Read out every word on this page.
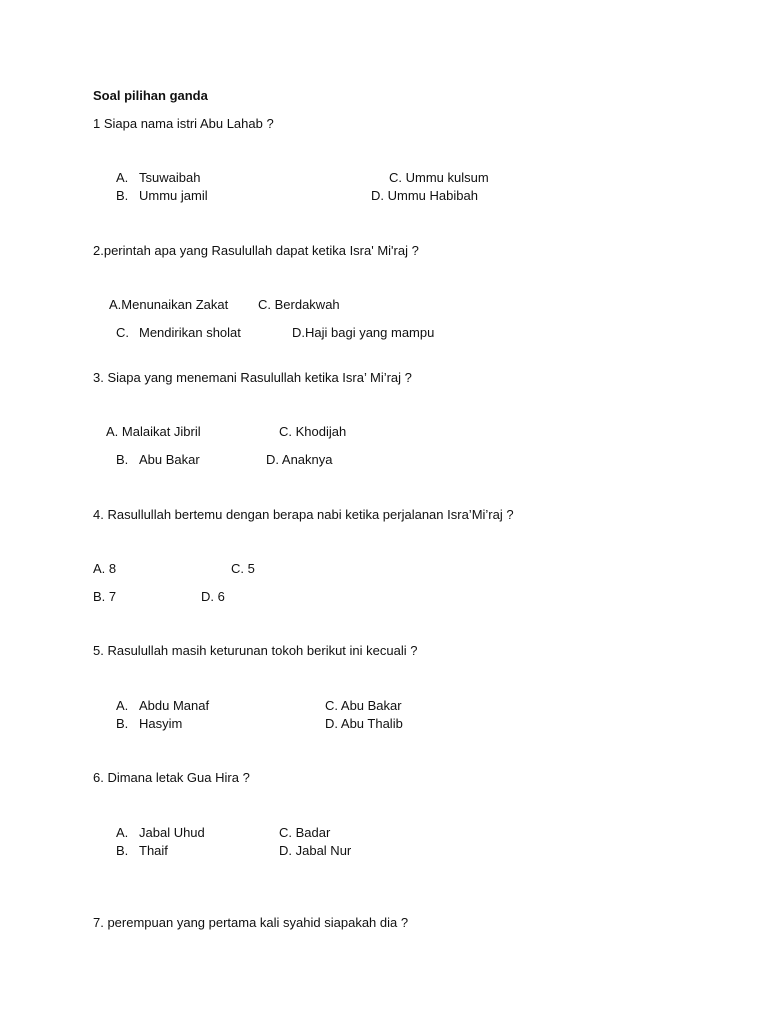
Soal pilihan ganda
1 Siapa nama istri Abu Lahab ?
A. Tsuwaibah	C. Ummu kulsum
B. Ummu jamil	D. Ummu Habibah
2.perintah apa yang Rasulullah dapat ketika Isra' Mi'raj ?
A.Menunaikan Zakat C. Berdakwah
C. Mendirikan sholat	D.Haji bagi yang mampu
3. Siapa yang menemani Rasulullah ketika Isra’ Mi’raj ?
A. Malaikat Jibril	C. Khodijah
B. Abu Bakar	D. Anaknya
4. Rasullullah bertemu dengan berapa nabi ketika perjalanan Isra’Mi’raj ?
A. 8	C. 5
B. 7	D. 6
5. Rasulullah masih keturunan tokoh berikut ini kecuali ?
A. Abdu Manaf	C. Abu Bakar
B. Hasyim	D. Abu Thalib
6. Dimana letak Gua Hira ?
A. Jabal Uhud	C. Badar
B. Thaif	D. Jabal Nur
7. perempuan yang pertama kali syahid siapakah dia ?
